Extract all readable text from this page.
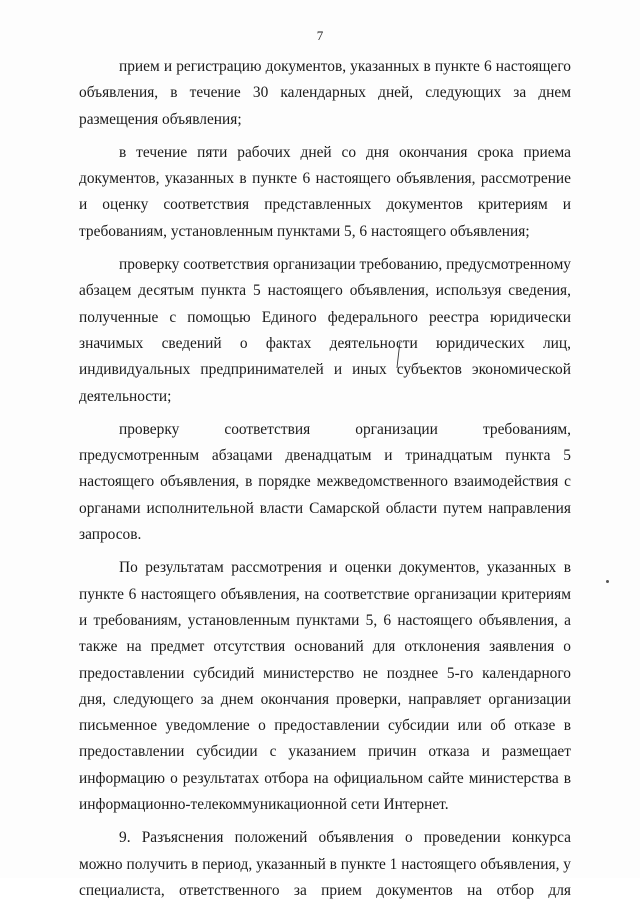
7

прием и регистрацию документов, указанных в пункте 6 настоящего объявления, в течение 30 календарных дней, следующих за днем размещения объявления;

в течение пяти рабочих дней со дня окончания срока приема документов, указанных в пункте 6 настоящего объявления, рассмотрение и оценку соответствия представленных документов критериям и требованиям, установленным пунктами 5, 6 настоящего объявления;

проверку соответствия организации требованию, предусмотренному абзацем десятым пункта 5 настоящего объявления, используя сведения, полученные с помощью Единого федерального реестра юридически значимых сведений о фактах деятельности юридических лиц, индивидуальных предпринимателей и иных субъектов экономической деятельности;

проверку соответствия организации требованиям, предусмотренным абзацами двенадцатым и тринадцатым пункта 5 настоящего объявления, в порядке межведомственного взаимодействия с органами исполнительной власти Самарской области путем направления запросов.

По результатам рассмотрения и оценки документов, указанных в пункте 6 настоящего объявления, на соответствие организации критериям и требованиям, установленным пунктами 5, 6 настоящего объявления, а также на предмет отсутствия оснований для отклонения заявления о предоставлении субсидий министерство не позднее 5-го календарного дня, следующего за днем окончания проверки, направляет организации письменное уведомление о предоставлении субсидии или об отказе в предоставлении субсидии с указанием причин отказа и размещает информацию о результатах отбора на официальном сайте министерства в информационно-телекоммуникационной сети Интернет.

9. Разъяснения положений объявления о проведении конкурса можно получить в период, указанный в пункте 1 настоящего объявления, у специалиста, ответственного за прием документов на отбор для
